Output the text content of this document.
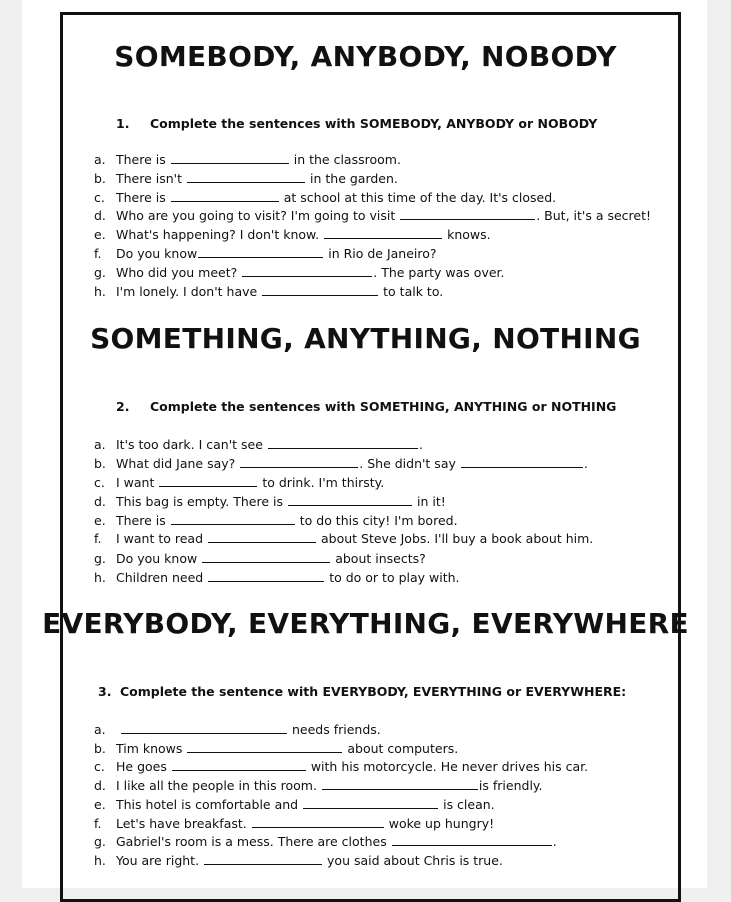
SOMEBODY, ANYBODY, NOBODY
1. Complete the sentences with SOMEBODY, ANYBODY or NOBODY
a. There is	in the classroom.
b. There isn't	in the garden.
c. There is	at school at this time of the day. It's closed.
d. Who are you going to visit? I'm going to visit	. But, it's a secret!
e. What's happening? I don't know.	knows.
f. Do you know	in Rio de Janeiro?
g. Who did you meet?	. The party was over.
h. I'm lonely. I don't have	to talk to.
SOMETHING, ANYTHING, NOTHING
2. Complete the sentences with SOMETHING, ANYTHING or NOTHING
a. It's too dark. I can't see	.
b. What did Jane say?	. She didn't say	.
c. I want	to drink. I'm thirsty.
d. This bag is empty. There is	in it!
e. There is	to do this city! I'm bored.
f. I want to read	about Steve Jobs. I'll buy a book about him.
g. Do you know	about insects?
h. Children need	to do or to play with.
EVERYBODY, EVERYTHING, EVERYWHERE
3. Complete the sentence with EVERYBODY, EVERYTHING or EVERYWHERE:
a.	needs friends.
b. Tim knows	about computers.
c. He goes	with his motorcycle. He never drives his car.
d. I like all the people in this room.	is friendly.
e. This hotel is comfortable and	is clean.
f. Let's have breakfast.	woke up hungry!
g. Gabriel's room is a mess. There are clothes	.
h. You are right.	you said about Chris is true.
